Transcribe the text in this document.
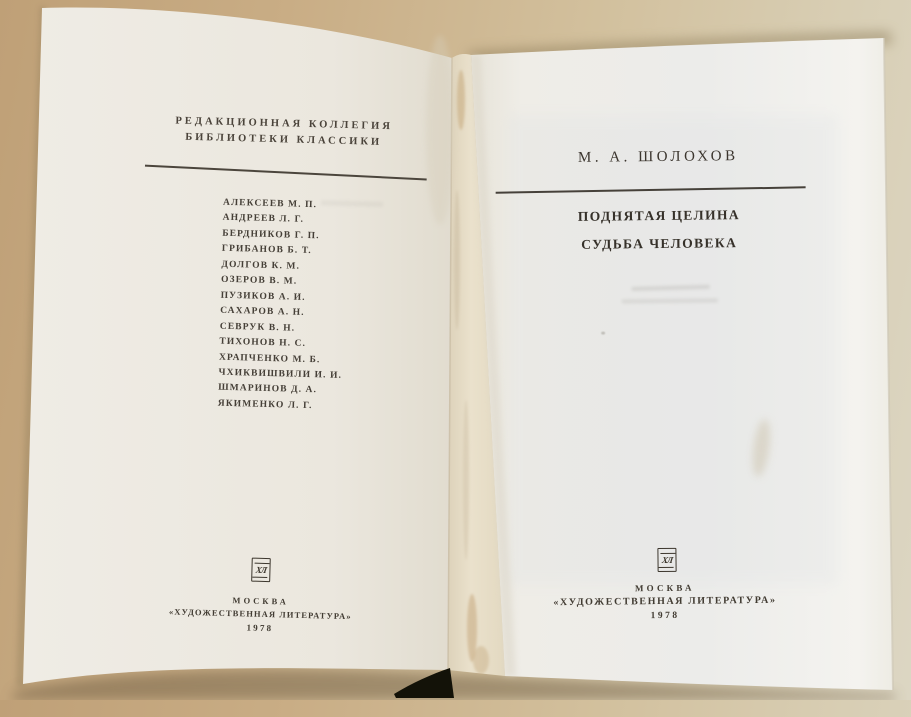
РЕДАКЦИОННАЯ КОЛЛЕГИЯ
БИБЛИОТЕКИ КЛАССИКИ
АЛЕКСЕЕВ М. П.
АНДРЕЕВ Л. Г.
БЕРДНИКОВ Г. П.
ГРИБАНОВ Б. Т.
ДОЛГОВ К. М.
ОЗЕРОВ В. М.
ПУЗИКОВ А. И.
САХАРОВ А. Н.
СЕВРУК В. Н.
ТИХОНОВ Н. С.
ХРАПЧЕНКО М. Б.
ЧХИКВИШВИЛИ И. И.
ШМАРИНОВ Д. А.
ЯКИМЕНКО Л. Г.
ХЛ
МОСКВА
«ХУДОЖЕСТВЕННАЯ ЛИТЕРАТУРА»
1978
М. А. ШОЛОХОВ
ПОДНЯТАЯ ЦЕЛИНА
СУДЬБА ЧЕЛОВЕКА
ХЛ
МОСКВА
«ХУДОЖЕСТВЕННАЯ ЛИТЕРАТУРА»
1978
